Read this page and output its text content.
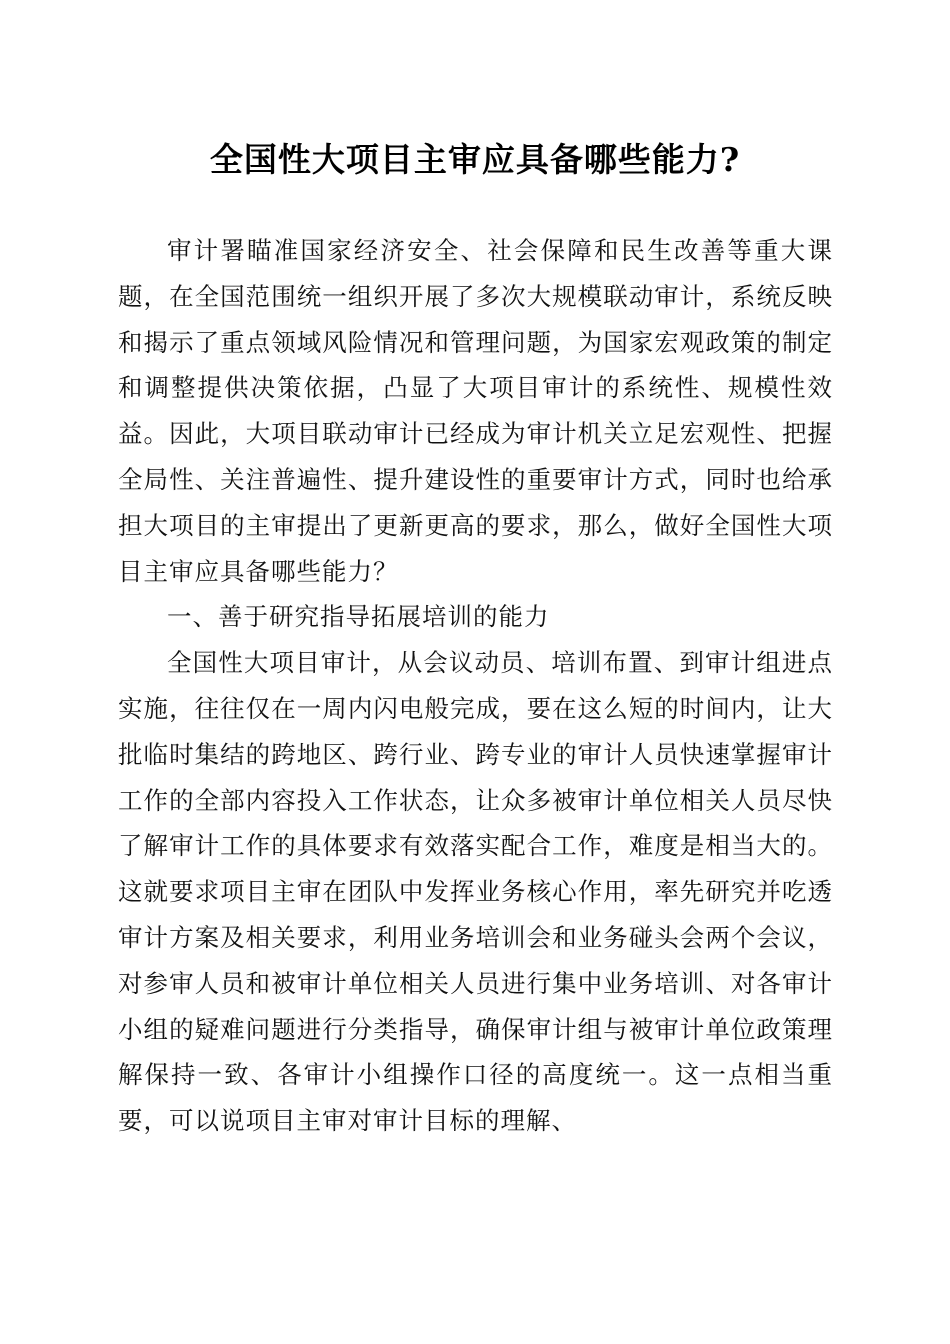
全国性大项目主审应具备哪些能力?

审计署瞄准国家经济安全、社会保障和民生改善等重大课题，在全国范围统一组织开展了多次大规模联动审计，系统反映和揭示了重点领域风险情况和管理问题，为国家宏观政策的制定和调整提供决策依据，凸显了大项目审计的系统性、规模性效益。因此，大项目联动审计已经成为审计机关立足宏观性、把握全局性、关注普遍性、提升建设性的重要审计方式，同时也给承担大项目的主审提出了更新更高的要求，那么，做好全国性大项目主审应具备哪些能力？

一、善于研究指导拓展培训的能力

全国性大项目审计，从会议动员、培训布置、到审计组进点实施，往往仅在一周内闪电般完成，要在这么短的时间内，让大批临时集结的跨地区、跨行业、跨专业的审计人员快速掌握审计工作的全部内容投入工作状态，让众多被审计单位相关人员尽快了解审计工作的具体要求有效落实配合工作，难度是相当大的。这就要求项目主审在团队中发挥业务核心作用，率先研究并吃透审计方案及相关要求，利用业务培训会和业务碰头会两个会议，对参审人员和被审计单位相关人员进行集中业务培训、对各审计小组的疑难问题进行分类指导，确保审计组与被审计单位政策理解保持一致、各审计小组操作口径的高度统一。这一点相当重要，可以说项目主审对审计目标的理解、
